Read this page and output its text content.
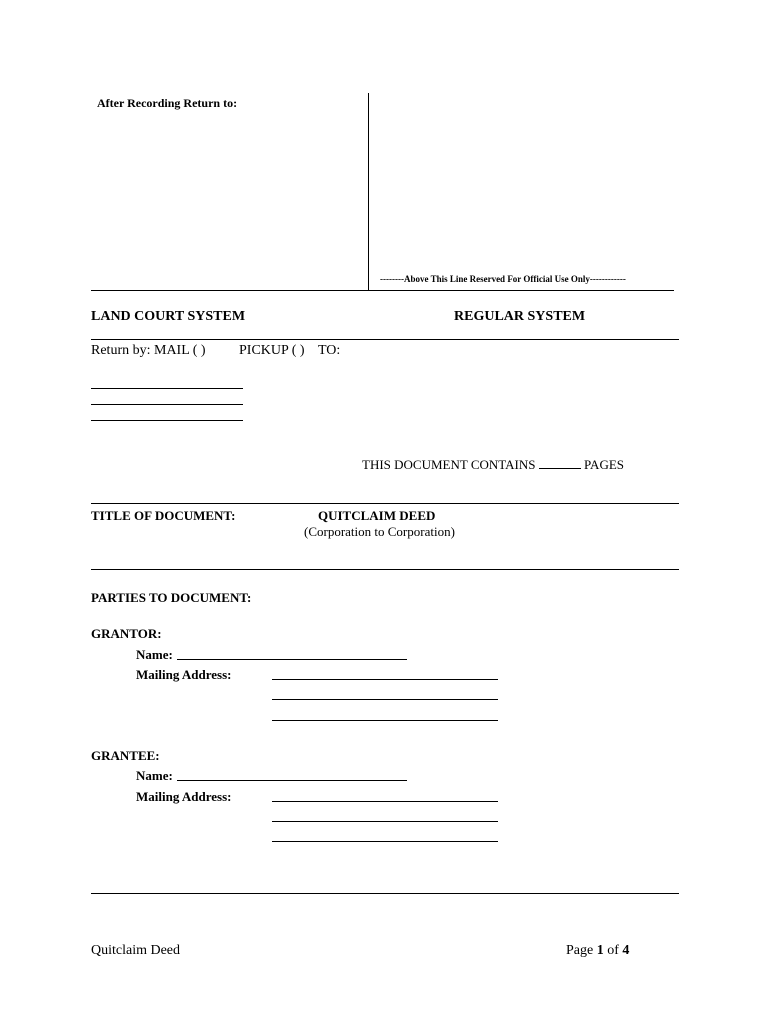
After Recording Return to:
--------Above This Line Reserved For Official Use Only------------
LAND COURT SYSTEM	REGULAR SYSTEM
Return by: MAIL ( ) PICKUP ( ) TO:
THIS DOCUMENT CONTAINS	PAGES
TITLE OF DOCUMENT:	QUITCLAIM DEED
(Corporation to Corporation)
PARTIES TO DOCUMENT:
GRANTOR:
Name:
Mailing Address:
GRANTEE:
Name:
Mailing Address:
Quitclaim Deed	Page 1 of 4
